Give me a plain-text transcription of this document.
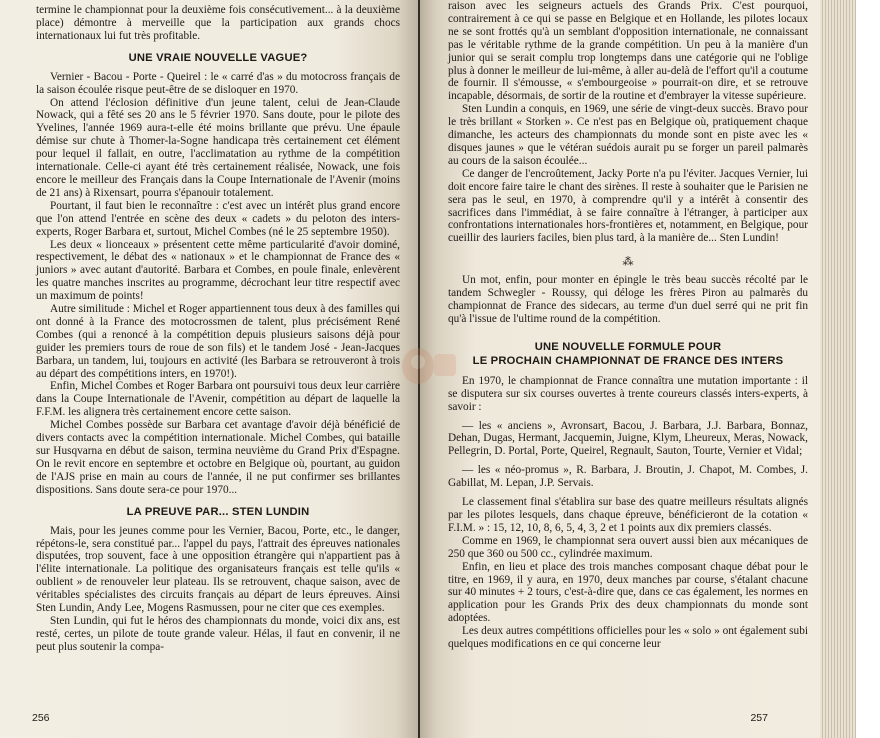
termine le championnat pour la deuxième fois consécutivement... à la deuxième place) démontre à merveille que la participation aux grands chocs internationaux lui fut très profitable.

UNE VRAIE NOUVELLE VAGUE?

Vernier - Bacou - Porte - Queirel : le « carré d'as » du motocross français de la saison écoulée risque peut-être de se disloquer en 1970.

On attend l'éclosion définitive d'un jeune talent, celui de Jean-Claude Nowack, qui a fêté ses 20 ans le 5 février 1970. Sans doute, pour le pilote des Yvelines, l'année 1969 aura-t-elle été moins brillante que prévu. Une épaule démise sur chute à Thomer-la-Sogne handicapa très certainement cet élément pour lequel il fallait, en outre, l'acclimatation au rythme de la compétition internationale. Celle-ci ayant été très certainement réalisée, Nowack, une fois encore le meilleur des Français dans la Coupe Internationale de l'Avenir (moins de 21 ans) à Rixensart, pourra s'épanouir totalement.

Pourtant, il faut bien le reconnaître : c'est avec un intérêt plus grand encore que l'on attend l'entrée en scène des deux « cadets » du peloton des inters-experts, Roger Barbara et, surtout, Michel Combes (né le 25 septembre 1950).

Les deux « lionceaux » présentent cette même particularité d'avoir dominé, respectivement, le débat des « nationaux » et le championnat de France des « juniors » avec autant d'autorité. Barbara et Combes, en poule finale, enlevèrent les quatre manches inscrites au programme, décrochant leur titre respectif avec un maximum de points!

Autre similitude : Michel et Roger appartiennent tous deux à des familles qui ont donné à la France des motocrossmen de talent, plus précisément René Combes (qui a renoncé à la compétition depuis plusieurs saisons déjà pour guider les premiers tours de roue de son fils) et le tandem José - Jean-Jacques Barbara, un tandem, lui, toujours en activité (les Barbara se retrouveront à trois au départ des compétitions inters, en 1970!).

Enfin, Michel Combes et Roger Barbara ont poursuivi tous deux leur carrière dans la Coupe Internationale de l'Avenir, compétition au départ de laquelle la F.F.M. les alignera très certainement encore cette saison.

Michel Combes possède sur Barbara cet avantage d'avoir déjà bénéficié de divers contacts avec la compétition internationale. Michel Combes, qui bataille sur Husqvarna en début de saison, termina neuvième du Grand Prix d'Espagne. On le revit encore en septembre et octobre en Belgique où, pourtant, au guidon de l'AJS prise en main au cours de l'année, il ne put confirmer ses brillantes dispositions. Sans doute sera-ce pour 1970...

LA PREUVE PAR... STEN LUNDIN

Mais, pour les jeunes comme pour les Vernier, Bacou, Porte, etc., le danger, répétons-le, sera constitué par... l'appel du pays, l'attrait des épreuves nationales disputées, trop souvent, face à une opposition étrangère qui n'appartient pas à l'élite internationale. La politique des organisateurs français est telle qu'ils « oublient » de renouveler leur plateau. Ils se retrouvent, chaque saison, avec de véritables spécialistes des circuits français au départ de leurs épreuves. Ainsi Sten Lundin, Andy Lee, Mogens Rasmussen, pour ne citer que ces exemples.

Sten Lundin, qui fut le héros des championnats du monde, voici dix ans, est resté, certes, un pilote de toute grande valeur. Hélas, il faut en convenir, il ne peut plus soutenir la compa-

256

raison avec les seigneurs actuels des Grands Prix. C'est pourquoi, contrairement à ce qui se passe en Belgique et en Hollande, les pilotes locaux ne se sont frottés qu'à un semblant d'opposition internationale, ne connaissant pas le véritable rythme de la grande compétition. Un peu à la manière d'un junior qui se serait complu trop longtemps dans une catégorie qui ne l'oblige plus à donner le meilleur de lui-même, à aller au-delà de l'effort qu'il a coutume de fournir. Il s'émousse, « s'embourgeoise » pourrait-on dire, et se retrouve incapable, désormais, de sortir de la routine et d'embrayer la vitesse supérieure.

Sten Lundin a conquis, en 1969, une série de vingt-deux succès. Bravo pour le très brillant « Storken ». Ce n'est pas en Belgique où, pratiquement chaque dimanche, les acteurs des championnats du monde sont en piste avec les « disques jaunes » que le vétéran suédois aurait pu se forger un pareil palmarès au cours de la saison écoulée...

Ce danger de l'encroûtement, Jacky Porte n'a pu l'éviter. Jacques Vernier, lui doit encore faire taire le chant des sirènes. Il reste à souhaiter que le Parisien ne sera pas le seul, en 1970, à comprendre qu'il y a intérêt à consentir des sacrifices dans l'immédiat, à se faire connaître à l'étranger, à participer aux confrontations internationales hors-frontières et, notamment, en Belgique, pour cueillir des lauriers faciles, bien plus tard, à la manière de... Sten Lundin!

⁂

Un mot, enfin, pour monter en épingle le très beau succès récolté par le tandem Schwegler - Roussy, qui déloge les frères Piron au palmarès du championnat de France des sidecars, au terme d'un duel serré qui ne prit fin qu'à l'issue de l'ultime round de la compétition.

UNE NOUVELLE FORMULE POUR
LE PROCHAIN CHAMPIONNAT DE FRANCE DES INTERS

En 1970, le championnat de France connaîtra une mutation importante : il se disputera sur six courses ouvertes à trente coureurs classés inters-experts, à savoir :

— les « anciens », Avronsart, Bacou, J. Barbara, J.J. Barbara, Bonnaz, Dehan, Dugas, Hermant, Jacquemin, Juigne, Klym, Lheureux, Meras, Nowack, Pellegrin, D. Portal, Porte, Queirel, Regnault, Sauton, Tourte, Vernier et Vidal;

— les « néo-promus », R. Barbara, J. Broutin, J. Chapot, M. Combes, J. Gabillat, M. Lepan, J.P. Servais.

Le classement final s'établira sur base des quatre meilleurs résultats alignés par les pilotes lesquels, dans chaque épreuve, bénéficieront de la cotation « F.I.M. » : 15, 12, 10, 8, 6, 5, 4, 3, 2 et 1 points aux dix premiers classés.

Comme en 1969, le championnat sera ouvert aussi bien aux mécaniques de 250 que 360 ou 500 cc., cylindrée maximum.

Enfin, en lieu et place des trois manches composant chaque débat pour le titre, en 1969, il y aura, en 1970, deux manches par course, s'étalant chacune sur 40 minutes + 2 tours, c'est-à-dire que, dans ce cas également, les normes en application pour les Grands Prix des deux championnats du monde sont adoptées.

Les deux autres compétitions officielles pour les « solo » ont également subi quelques modifications en ce qui concerne leur

257
